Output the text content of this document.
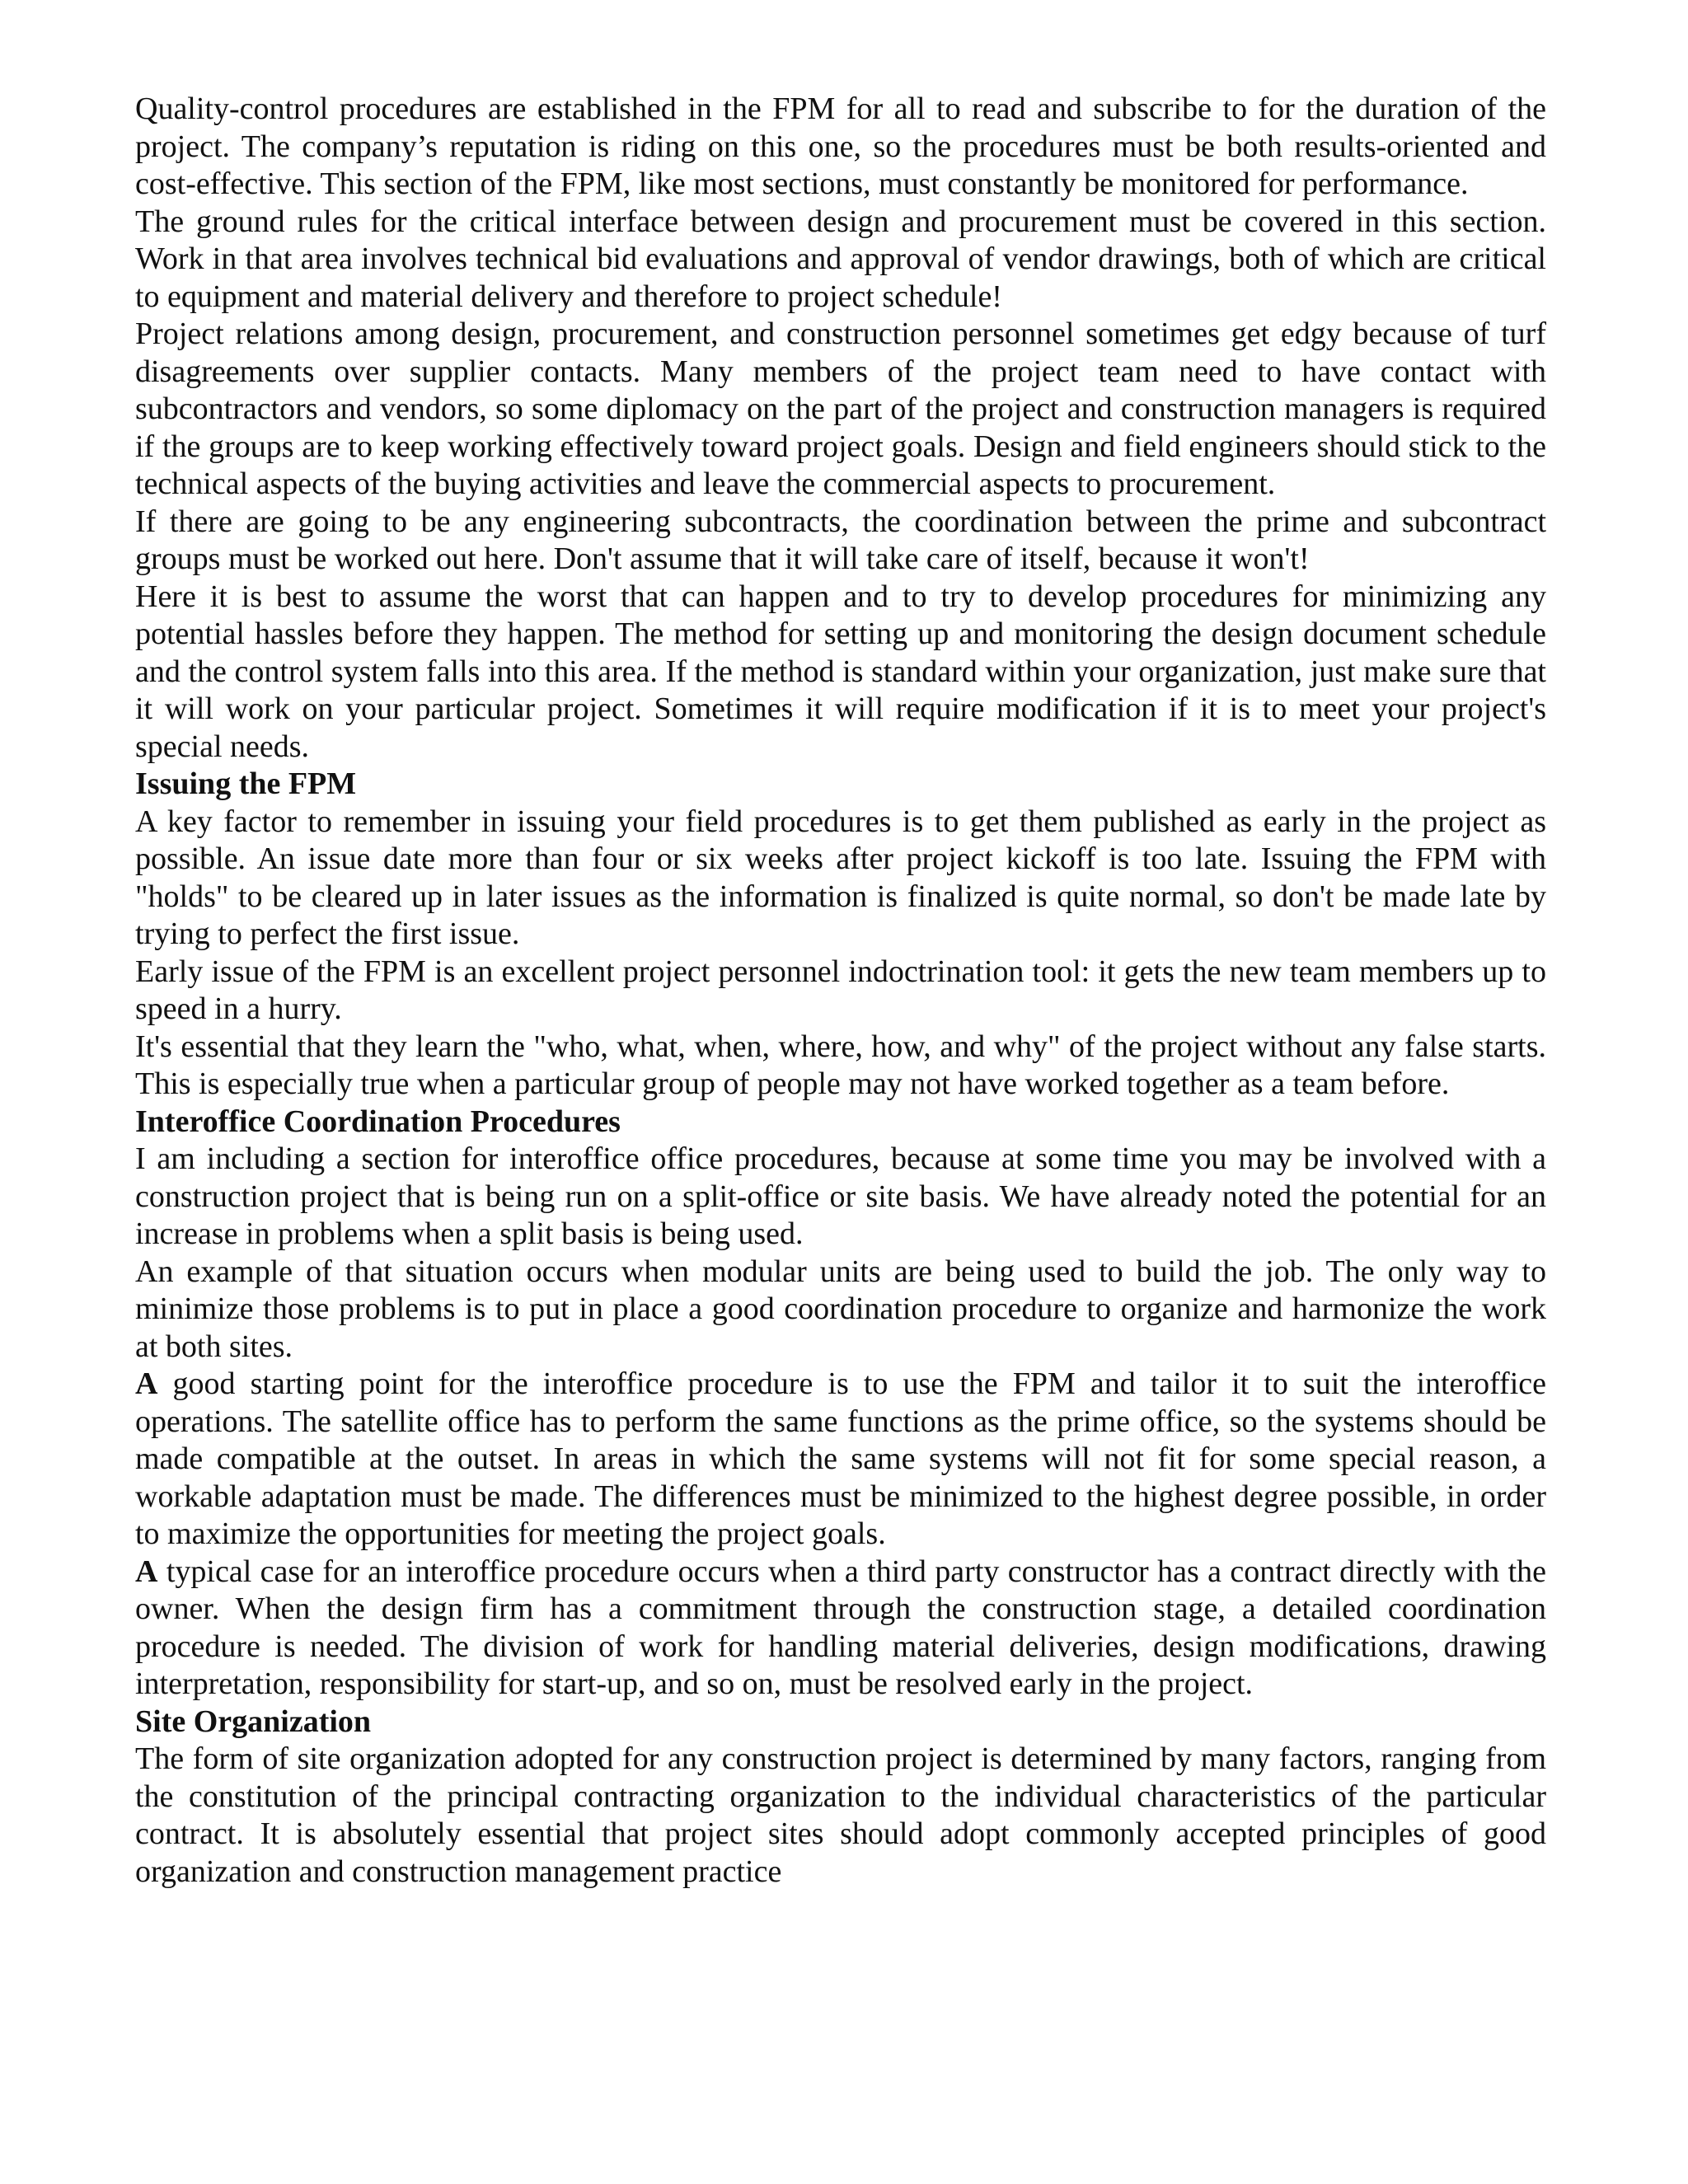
Quality-control procedures are established in the FPM for all to read and subscribe to for the duration of the project. The company’s reputation is riding on this one, so the procedures must be both results-oriented and cost-effective. This section of the FPM, like most sections, must constantly be monitored for performance.

The ground rules for the critical interface between design and procurement must be covered in this section. Work in that area involves technical bid evaluations and approval of vendor drawings, both of which are critical to equipment and material delivery and therefore to project schedule!

Project relations among design, procurement, and construction personnel sometimes get edgy because of turf disagreements over supplier contacts. Many members of the project team need to have contact with subcontractors and vendors, so some diplomacy on the part of the project and construction managers is required if the groups are to keep working effectively toward project goals. Design and field engineers should stick to the technical aspects of the buying activities and leave the commercial aspects to procurement.

If there are going to be any engineering subcontracts, the coordination between the prime and subcontract groups must be worked out here. Don't assume that it will take care of itself, because it won't!

Here it is best to assume the worst that can happen and to try to develop procedures for minimizing any potential hassles before they happen. The method for setting up and monitoring the design document schedule and the control system falls into this area. If the method is standard within your organization, just make sure that it will work on your particular project. Sometimes it will require modification if it is to meet your project's special needs.

Issuing the FPM

A key factor to remember in issuing your field procedures is to get them published as early in the project as possible. An issue date more than four or six weeks after project kickoff is too late. Issuing the FPM with "holds" to be cleared up in later issues as the information is finalized is quite normal, so don't be made late by trying to perfect the first issue.

Early issue of the FPM is an excellent project personnel indoctrination tool: it gets the new team members up to speed in a hurry.

It's essential that they learn the "who, what, when, where, how, and why" of the project without any false starts. This is especially true when a particular group of people may not have worked together as a team before.

Interoffice Coordination Procedures

I am including a section for interoffice office procedures, because at some time you may be involved with a construction project that is being run on a split-office or site basis. We have already noted the potential for an increase in problems when a split basis is being used.

An example of that situation occurs when modular units are being used to build the job. The only way to minimize those problems is to put in place a good coordination procedure to organize and harmonize the work at both sites.

A good starting point for the interoffice procedure is to use the FPM and tailor it to suit the interoffice operations. The satellite office has to perform the same functions as the prime office, so the systems should be made compatible at the outset. In areas in which the same systems will not fit for some special reason, a workable adaptation must be made. The differences must be minimized to the highest degree possible, in order to maximize the opportunities for meeting the project goals.

A typical case for an interoffice procedure occurs when a third party constructor has a contract directly with the owner. When the design firm has a commitment through the construction stage, a detailed coordination procedure is needed. The division of work for handling material deliveries, design modifications, drawing interpretation, responsibility for start-up, and so on, must be resolved early in the project.

Site Organization

The form of site organization adopted for any construction project is determined by many factors, ranging from the constitution of the principal contracting organization to the individual characteristics of the particular contract. It is absolutely essential that project sites should adopt commonly accepted principles of good organization and construction management practice
